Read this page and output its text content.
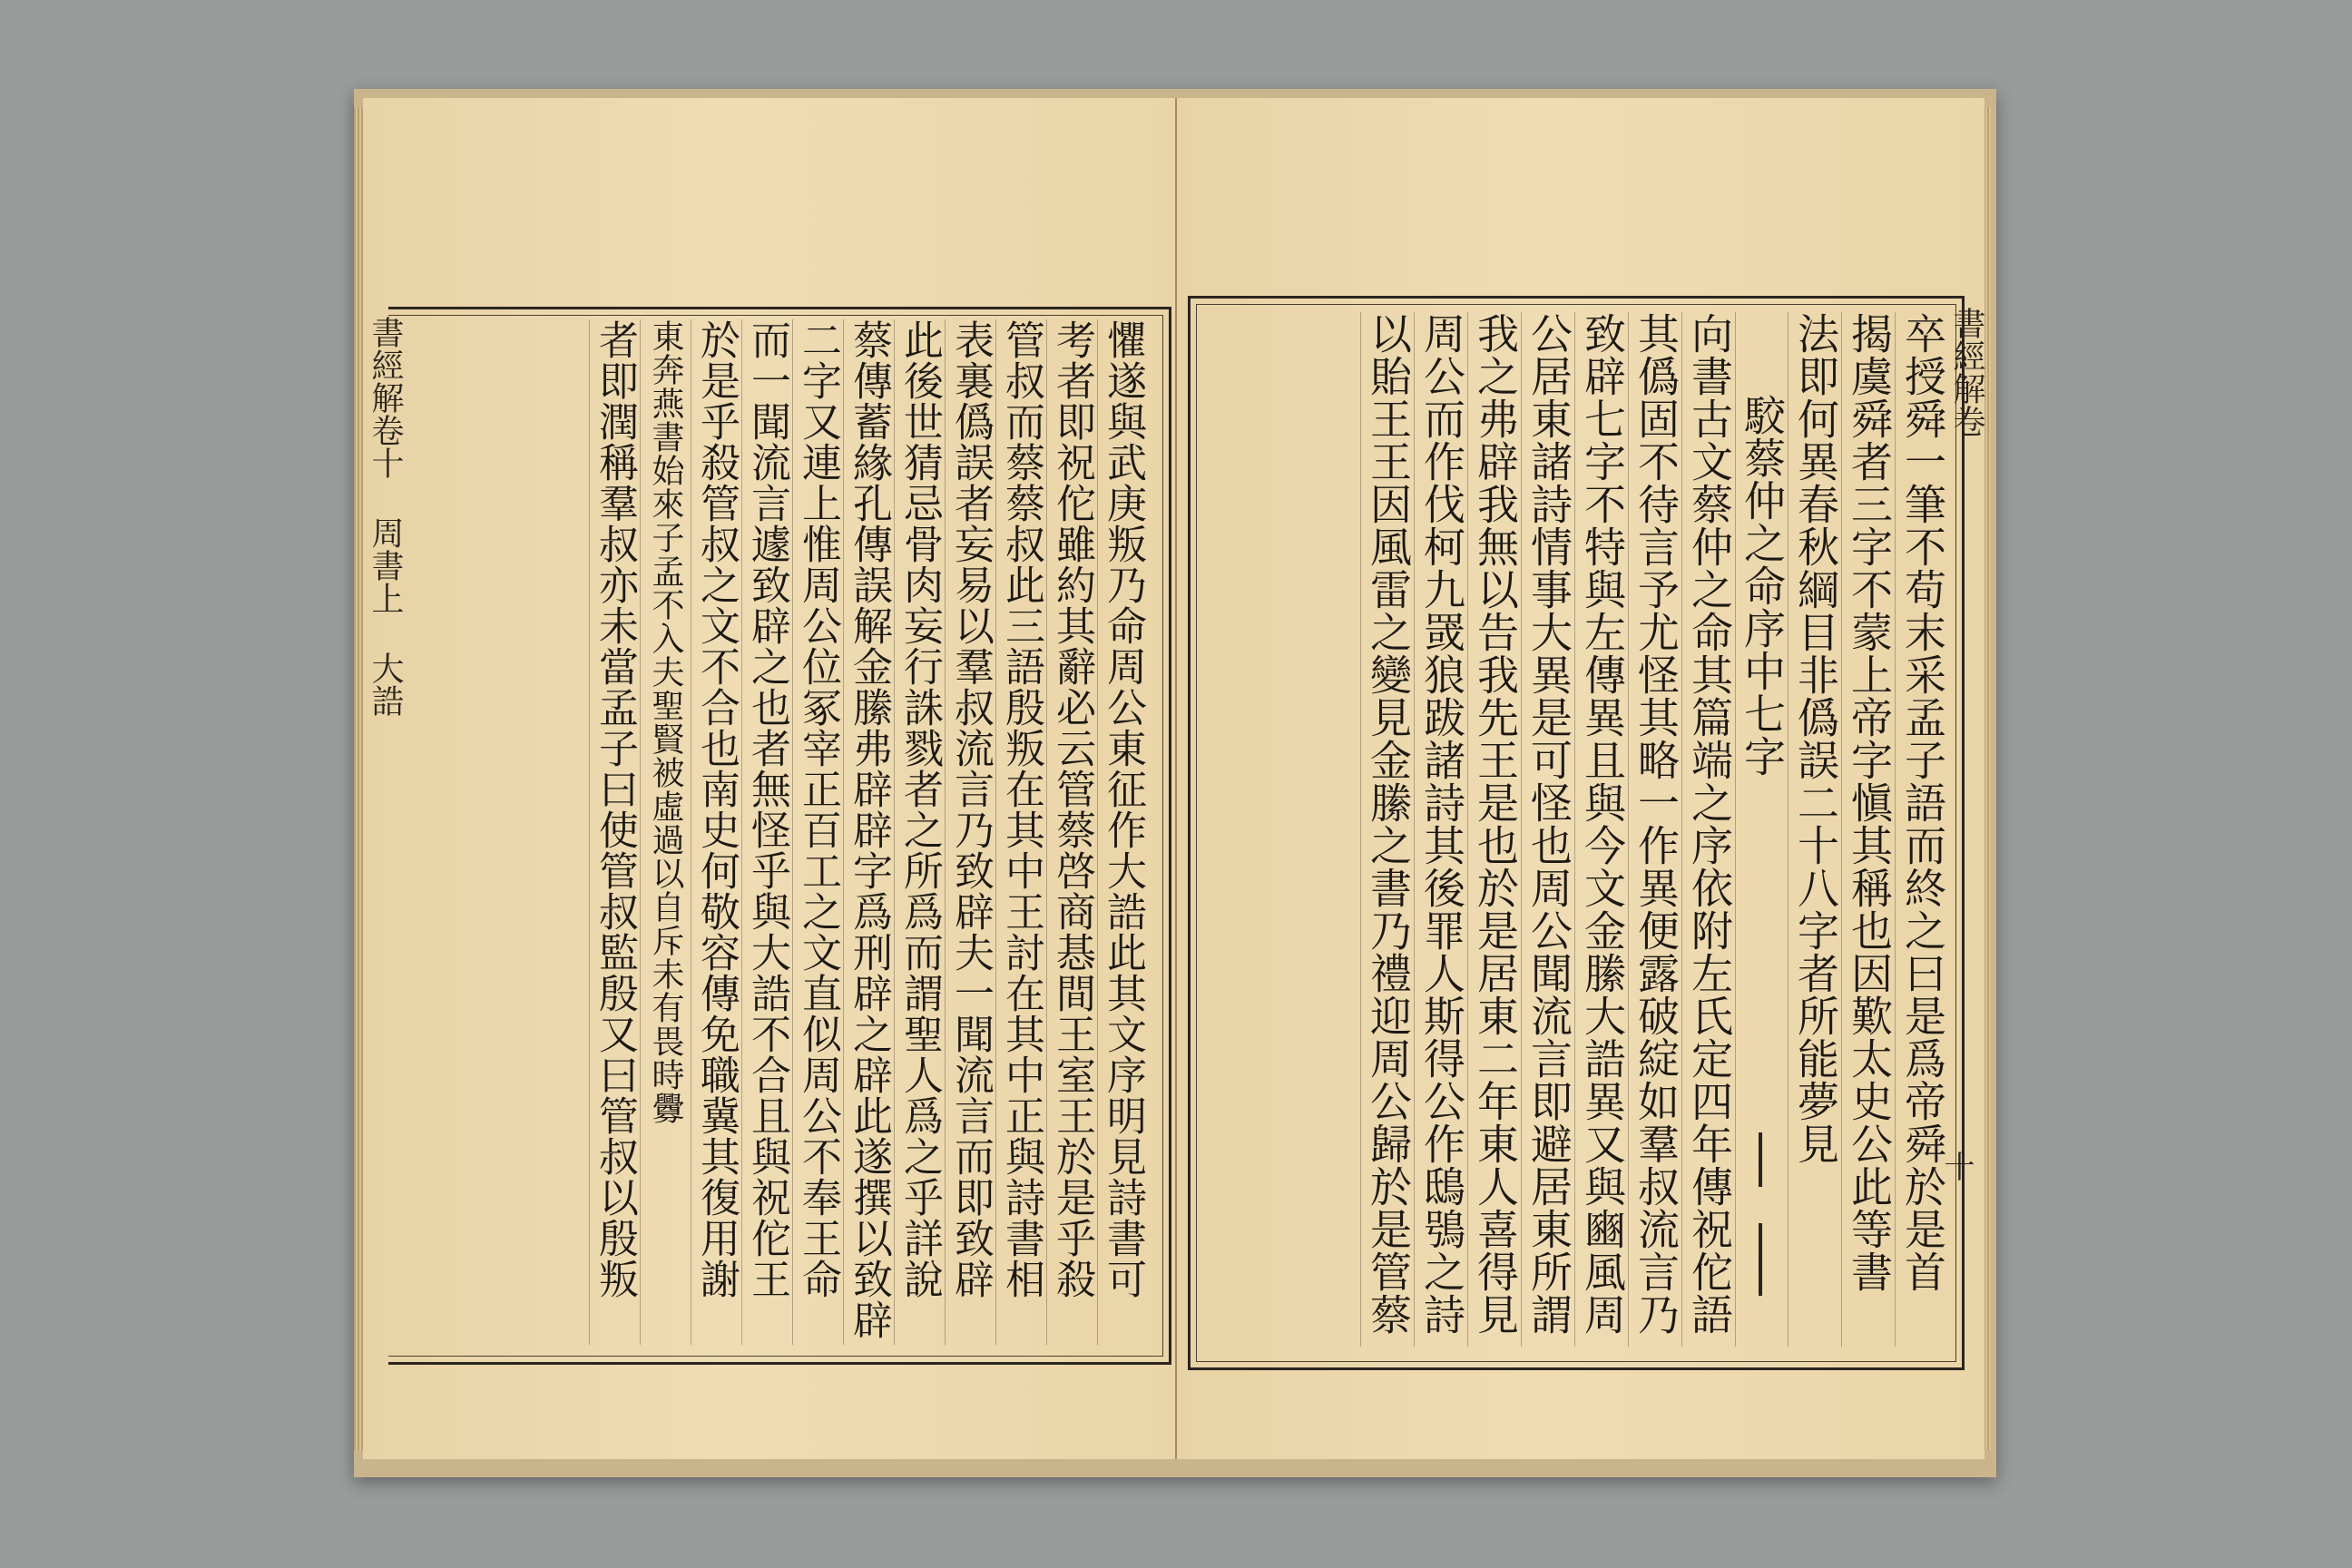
書經解卷十 周書上 大誥	懼遂與武庚叛乃命周公東征作大誥此其文序明見詩書可
考者即祝佗雖約其辭必云管蔡啓商惎間王室王於是乎殺
管叔而蔡蔡叔此三語殷叛在其中王討在其中正與詩書相
表裏僞誤者妄易以羣叔流言乃致辟夫一聞流言而即致辟
此後世猜忌骨肉妄行誅戮者之所爲而謂聖人爲之乎詳說
蔡傳蓄緣孔傳誤解金縢弗辟辟字爲刑辟之辟此遂撰以致辟
二字又連上惟周公位冢宰正百工之文直似周公不奉王命
而一聞流言遽致辟之也者無怪乎與大誥不合且與祝佗王
於是乎殺管叔之文不合也南史何敬容傳免職冀其復用謝
東奔燕書始來子孟不入夫聖賢被虛過以自斥未有畏時釁
者即潤稱羣叔亦未當孟子曰使管叔監殷又曰管叔以殷叛	書經解卷
十
卒授舜一筆不苟末采孟子語而終之曰是爲帝舜於是首
揭虞舜者三字不蒙上帝字愼其稱也因歎太史公此等書
法即何異春秋綱目非僞誤二十八字者所能夢見
駮蔡仲之命序中七字
向書古文蔡仲之命其篇端之序依附左氏定四年傳祝佗語
其僞固不待言予尤怪其略一作異便露破綻如羣叔流言乃
致辟七字不特與左傳異且與今文金縢大誥異又與豳風周
公居東諸詩情事大異是可怪也周公聞流言即避居東所謂
我之弗辟我無以告我先王是也於是居東二年東人喜得見
周公而作伐柯九罭狼跋諸詩其後罪人斯得公作鴟鴞之詩
以貽王王因風雷之變見金縢之書乃禮迎周公歸於是管蔡
